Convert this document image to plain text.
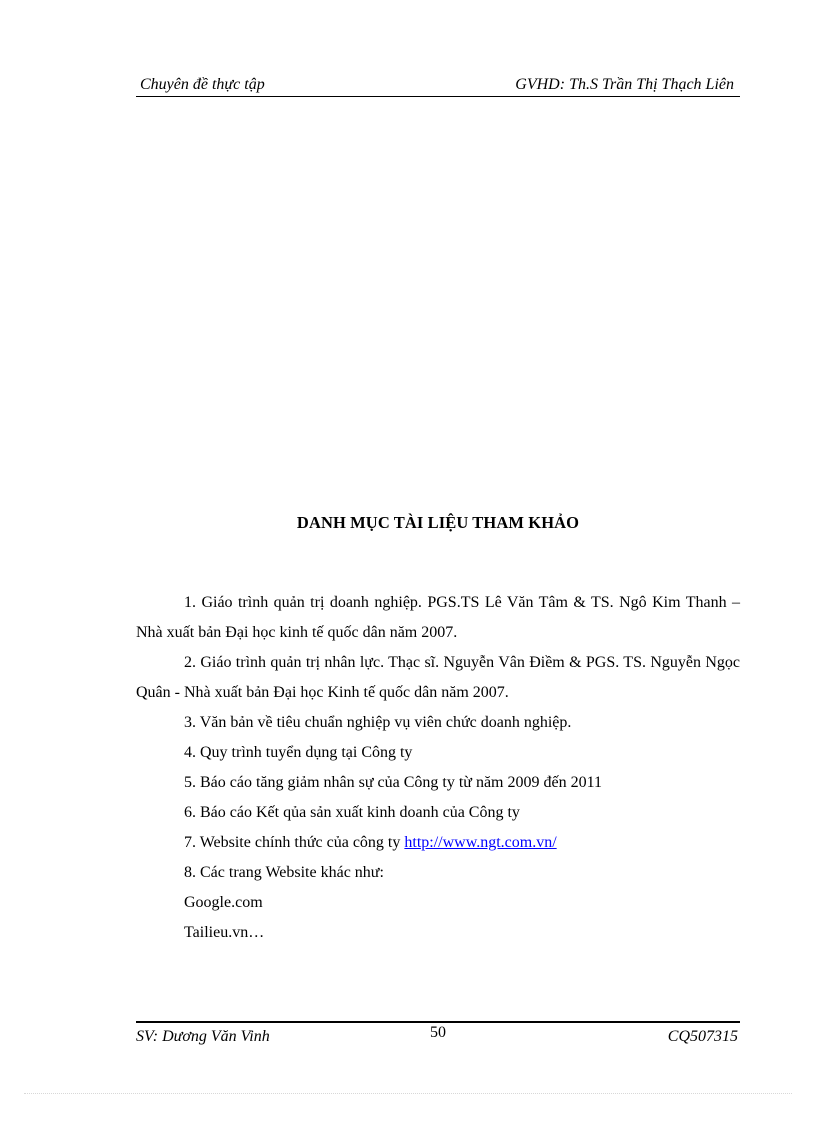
Chuyên đề thực tập	GVHD: Th.S Trần Thị Thạch Liên
DANH MỤC TÀI LIỆU THAM KHẢO

1. Giáo trình quản trị doanh nghiệp. PGS.TS Lê Văn Tâm & TS. Ngô Kim Thanh – Nhà xuất bản Đại học kinh tế quốc dân năm 2007.

2. Giáo trình quản trị nhân lực. Thạc sĩ. Nguyễn Vân Điềm & PGS. TS. Nguyễn Ngọc Quân - Nhà xuất bản Đại học Kinh tế quốc dân năm 2007.

3. Văn bản về tiêu chuẩn nghiệp vụ viên chức doanh nghiệp.

4. Quy trình tuyển dụng tại Công ty

5. Báo cáo tăng giảm nhân sự của Công ty từ năm 2009 đến 2011

6. Báo cáo Kết qủa sản xuất kinh doanh của Công ty

7. Website chính thức của công ty http://www.ngt.com.vn/

8. Các trang Website khác như:

Google.com

Tailieu.vn…

SV: Dương Văn Vinh	50	CQ507315
